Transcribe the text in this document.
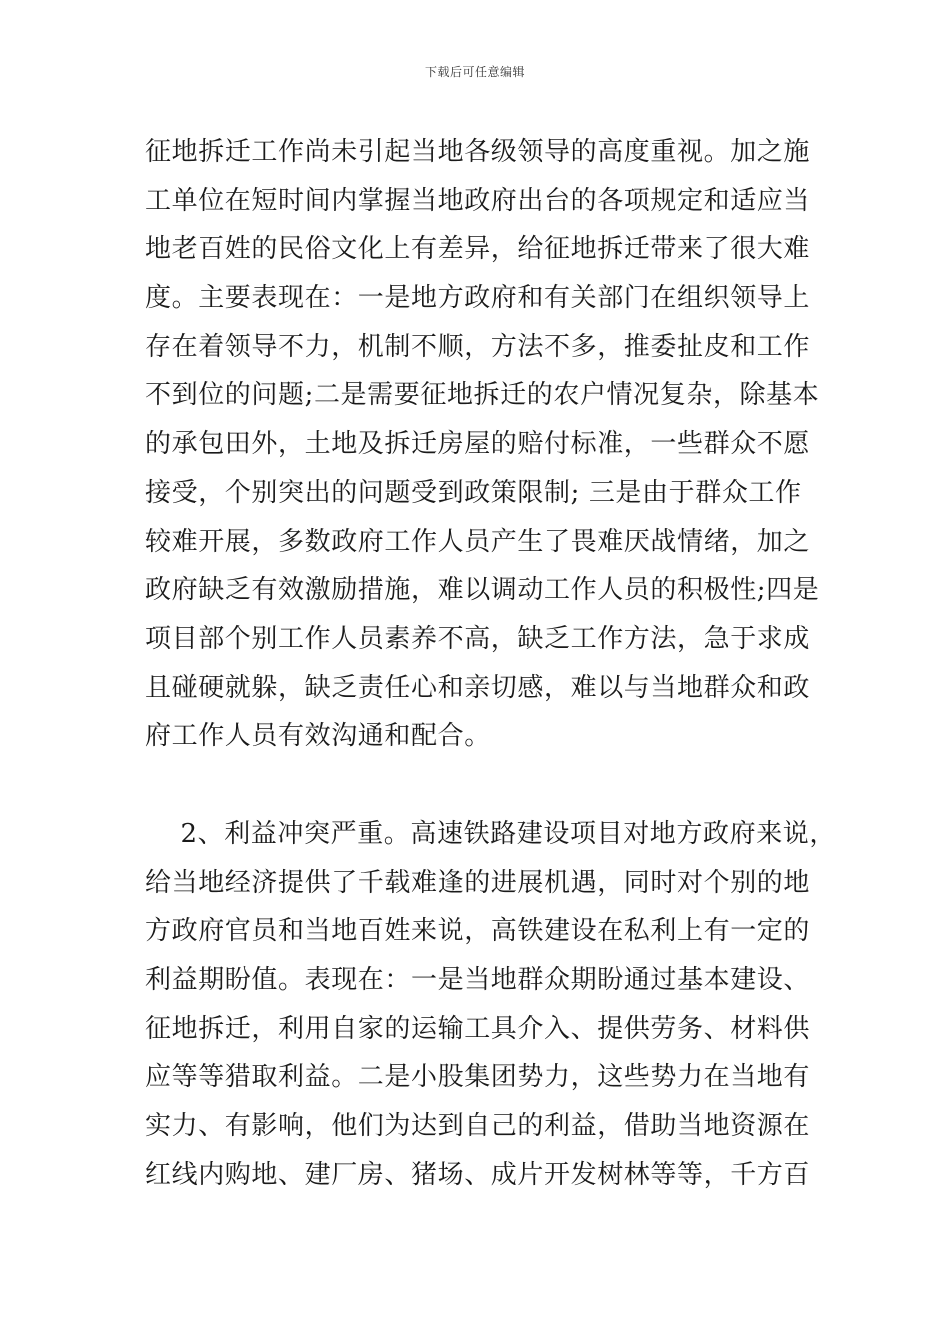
下载后可任意编辑
征地拆迁工作尚未引起当地各级领导的高度重视。加之施
工单位在短时间内掌握当地政府出台的各项规定和适应当
地老百姓的民俗文化上有差异，给征地拆迁带来了很大难
度。主要表现在：一是地方政府和有关部门在组织领导上
存在着领导不力，机制不顺，方法不多，推委扯皮和工作
不到位的问题;二是需要征地拆迁的农户情况复杂，除基本
的承包田外，土地及拆迁房屋的赔付标准，一些群众不愿
接受，个别突出的问题受到政策限制; 三是由于群众工作
较难开展，多数政府工作人员产生了畏难厌战情绪，加之
政府缺乏有效激励措施，难以调动工作人员的积极性;四是
项目部个别工作人员素养不高，缺乏工作方法，急于求成
且碰硬就躲，缺乏责任心和亲切感，难以与当地群众和政
府工作人员有效沟通和配合。
2、利益冲突严重。高速铁路建设项目对地方政府来说，
给当地经济提供了千载难逢的进展机遇，同时对个别的地
方政府官员和当地百姓来说，高铁建设在私利上有一定的
利益期盼值。表现在：一是当地群众期盼通过基本建设、
征地拆迁，利用自家的运输工具介入、提供劳务、材料供
应等等猎取利益。二是小股集团势力，这些势力在当地有
实力、有影响，他们为达到自己的利益，借助当地资源在
红线内购地、建厂房、猪场、成片开发树林等等，千方百
